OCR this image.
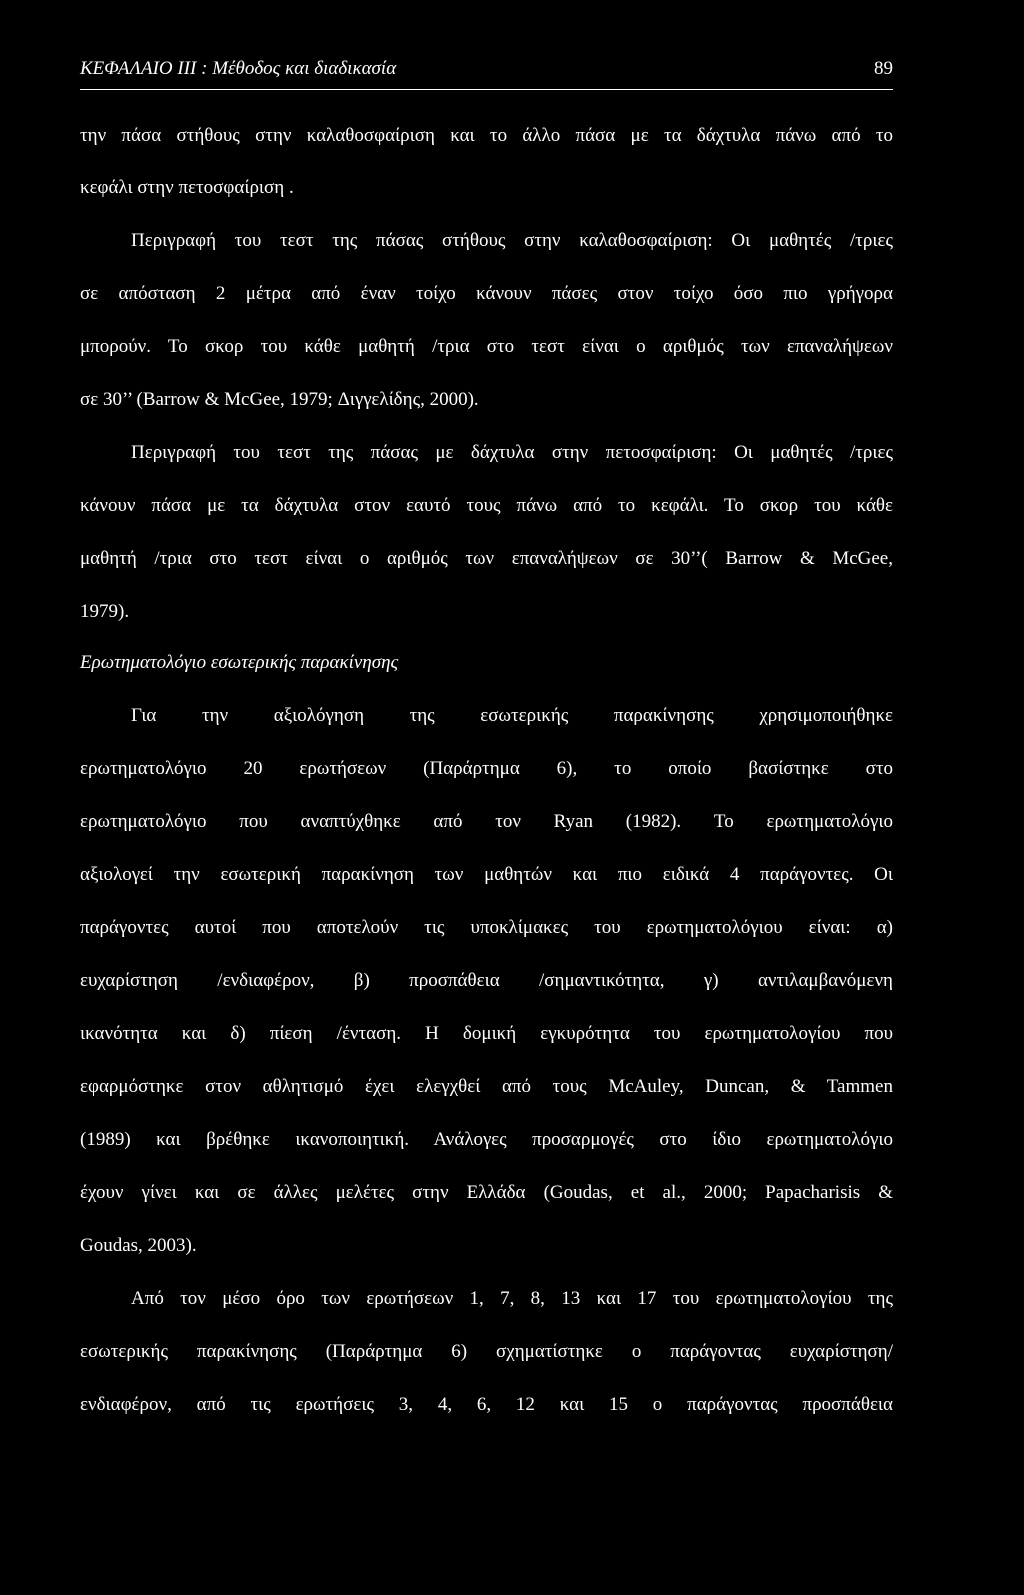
ΚΕΦΑΛΑΙΟ ΙΙΙ : Μέθοδος και διαδικασία	89
την πάσα στήθους στην καλαθοσφαίριση και το άλλο πάσα με τα δάχτυλα πάνω από το
κεφάλι στην πετοσφαίριση .
Περιγραφή του τεστ της πάσας στήθους στην καλαθοσφαίριση: Οι μαθητές /τριες
σε απόσταση 2 μέτρα από έναν τοίχο κάνουν πάσες στον τοίχο όσο πιο γρήγορα
μπορούν. Το σκορ του κάθε μαθητή /τρια στο τεστ είναι ο αριθμός των επαναλήψεων
σε 30’’ (Barrow & McGee, 1979; Διγγελίδης, 2000).
Περιγραφή του τεστ της πάσας με δάχτυλα στην πετοσφαίριση: Οι μαθητές /τριες
κάνουν πάσα με τα δάχτυλα στον εαυτό τους πάνω από το κεφάλι. Το σκορ του κάθε
μαθητή /τρια στο τεστ είναι ο αριθμός των επαναλήψεων σε 30’’( Barrow & McGee,
1979).
Ερωτηματολόγιο εσωτερικής παρακίνησης
Για την αξιολόγηση της εσωτερικής παρακίνησης χρησιμοποιήθηκε
ερωτηματολόγιο 20 ερωτήσεων (Παράρτημα 6), το οποίο βασίστηκε στο
ερωτηματολόγιο που αναπτύχθηκε από τον Ryan (1982). Το ερωτηματολόγιο
αξιολογεί την εσωτερική παρακίνηση των μαθητών και πιο ειδικά 4 παράγοντες. Οι
παράγοντες αυτοί που αποτελούν τις υποκλίμακες του ερωτηματολόγιου είναι: α)
ευχαρίστηση /ενδιαφέρον, β) προσπάθεια /σημαντικότητα, γ) αντιλαμβανόμενη
ικανότητα και δ) πίεση /ένταση. Η δομική εγκυρότητα του ερωτηματολογίου που
εφαρμόστηκε στον αθλητισμό έχει ελεγχθεί από τους McAuley, Duncan, & Tammen
(1989) και βρέθηκε ικανοποιητική. Ανάλογες προσαρμογές στο ίδιο ερωτηματολόγιο
έχουν γίνει και σε άλλες μελέτες στην Ελλάδα (Goudas, et al., 2000; Papacharisis &
Goudas, 2003).
Από τον μέσο όρο των ερωτήσεων 1, 7, 8, 13 και 17 του ερωτηματολογίου της
εσωτερικής παρακίνησης (Παράρτημα 6) σχηματίστηκε ο παράγοντας ευχαρίστηση/
ενδιαφέρον, από τις ερωτήσεις 3, 4, 6, 12 και 15 ο παράγοντας προσπάθεια
